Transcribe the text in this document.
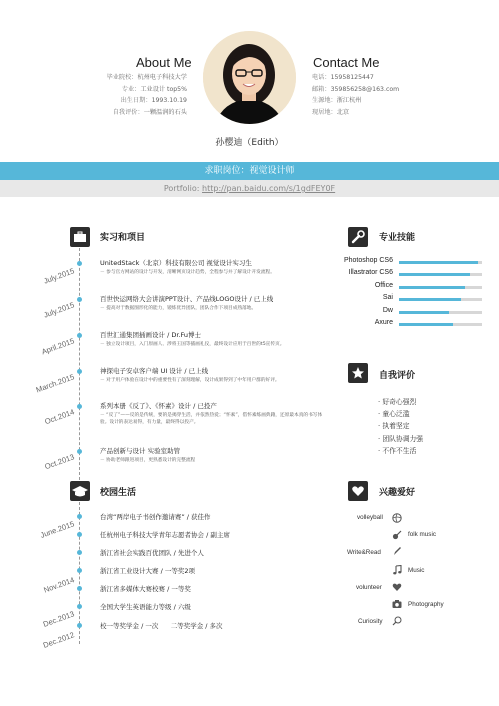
About Me
毕业院校：杭州电子科技大学
专业：工业设计 top5%
出生日期：1993.10.19
自我评价：一颗温润的石头
Contact Me
电话：15958125447
邮箱：359856258@163.com
生源地：浙江杭州
现居地：北京
孙樱迪（Edith）
求职岗位：视觉设计师
Portfolio: http://pan.baidu.com/s/1gdFEY0F
实习和项目
July.2015
UnitedStack（北京）科技有限公司 视觉设计实习生
－ 参与官方网站的设计与开发，清晰网页设计趋势，全程参与并了解设计开发流程。
July.2015
百世快运网络大会讲演PPT设计、产品线LOGO设计 / 已上线
－ 提高对于数据图形化的能力，锻炼优异团队，团队合作下项目成熟落地。
April.2015
百世汇通集团插画设计 / Dr.Fu博士
－ 独立设计项目，入门原画人、涉将王国等插画礼仪，最终设计应用于百世的t5宣传页。
March.2015
神探电子安卓客户端 UI 设计 / 已上线
－ 对于用户体验在设计中的重要性有了深刻理解，设计成果得到了中年用户群的好评。
Oct.2014
系列本册《反了》、《怀素》设计 / 已投产
－ “反了”——反的是传统，要的是揭穿生活，并依然热爱；“怀素”，借怀素练画典籍，还原最本真的书写体验。设计的表达易得，有力量，最终得以投产。
Oct.2013
产品创新与设计 实验室助管
－ 协助老师跟进项目，更熟悉设计的完整流程
专业技能
Photoshop CS6
Illastrator CS6
Office
Sai
Dw
Axure
自我评价
· 好奇心强烈
· 童心泛滥
· 执着坚定
· 团队协调力强
· 不作不生活
校园生活
June.2015
台湾“两岸电子书创作邀请赛” / 获佳作
任杭州电子科技大学青年志愿者协会 / 副主席
浙江省社会实践百优团队 / 先进个人
Nov.2014
浙江省工业设计大赛 / 一等奖2项
浙江省多媒体大赛校赛 / 一等奖
Dec.2013
全国大学生英语能力等级 / 六级
Dec.2012
校一等奖学金 / 一次      二等奖学金 / 多次
兴趣爱好
volleyball
folk music
Write&Read
Music
volunteer
Photography
Curiosity
